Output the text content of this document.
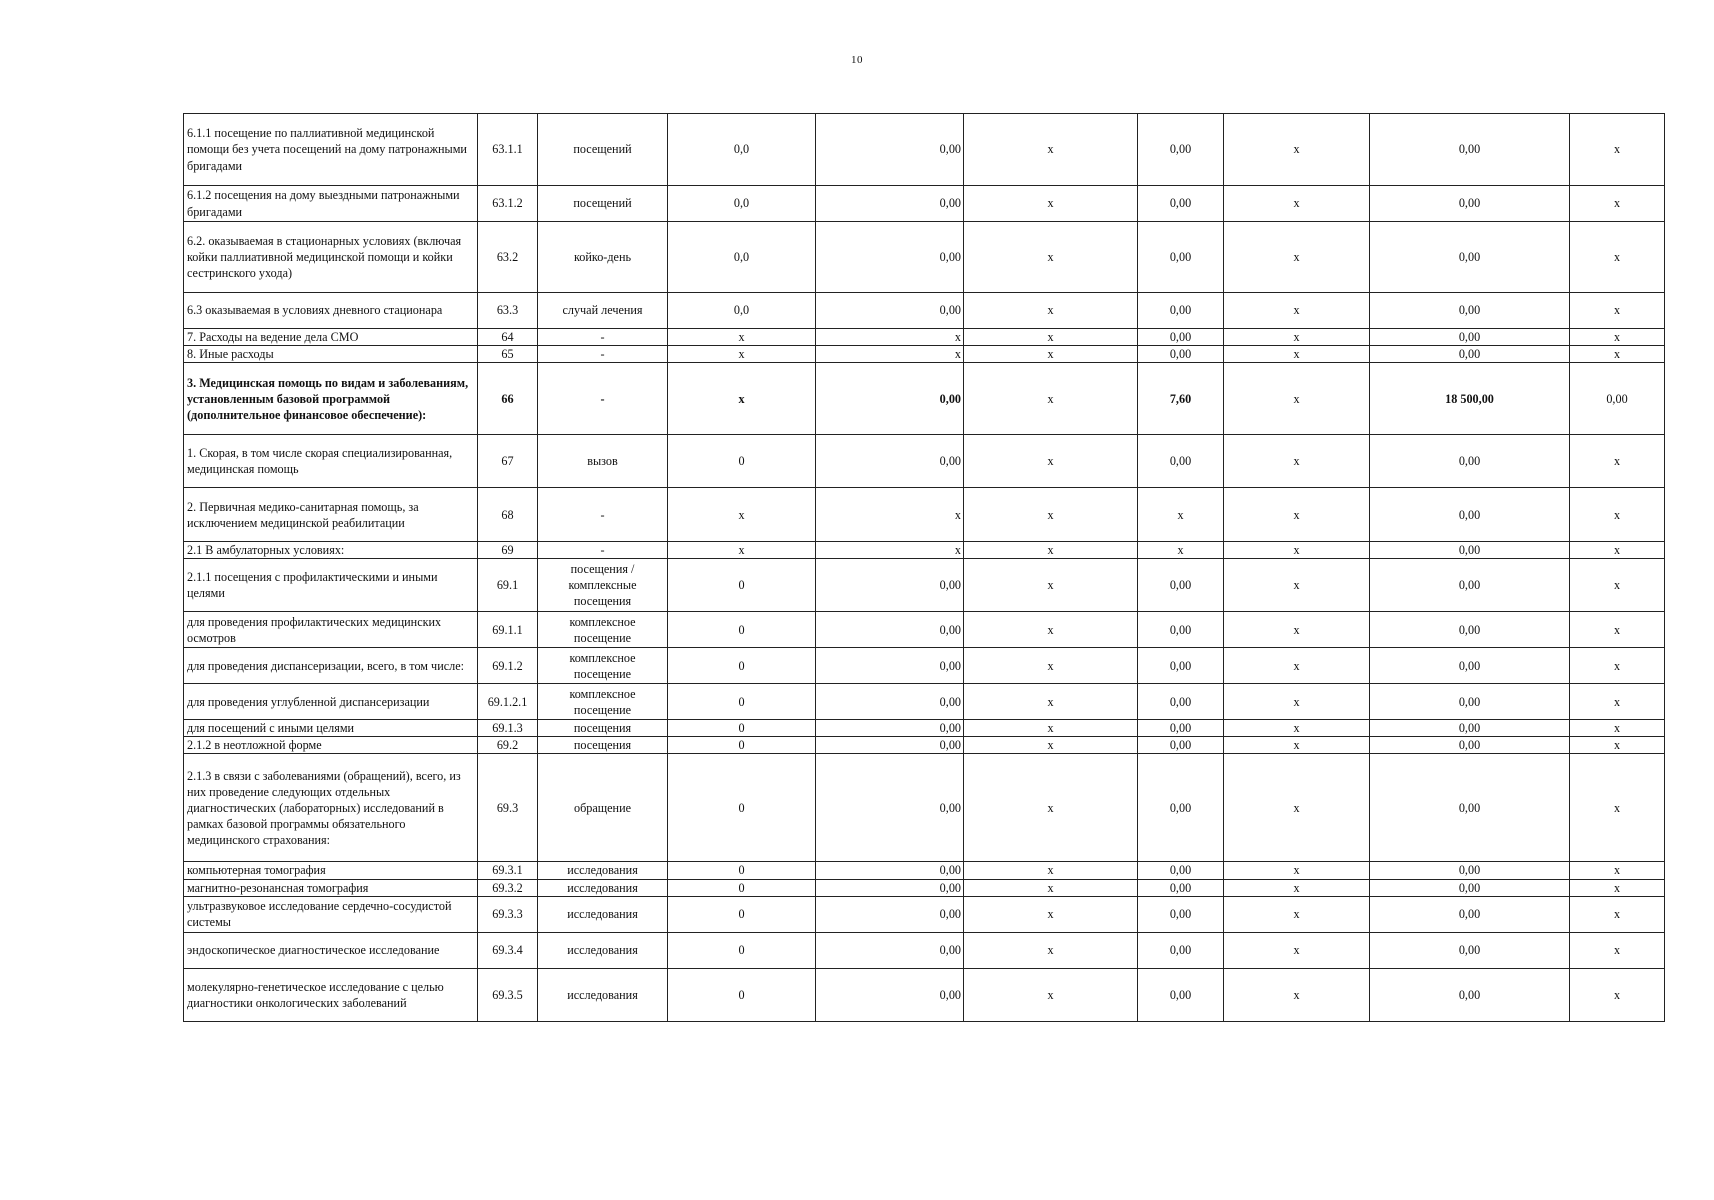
10
6.1.1 посещение по паллиативной медицинской помощи без учета посещений на дому патронажными бригадами	63.1.1	посещений	0,0	0,00	x	0,00	x	0,00	x
6.1.2 посещения на дому выездными патронажными бригадами	63.1.2	посещений	0,0	0,00	x	0,00	x	0,00	x
6.2. оказываемая в стационарных условиях (включая койки паллиативной медицинской помощи и койки сестринского ухода)	63.2	койко-день	0,0	0,00	x	0,00	x	0,00	x
6.3 оказываемая в условиях дневного стационара	63.3	случай лечения	0,0	0,00	x	0,00	x	0,00	x
7. Расходы на ведение дела СМО	64	-	x	x	x	0,00	x	0,00	x
8. Иные расходы	65	-	x	x	x	0,00	x	0,00	x
3. Медицинская помощь по видам и заболеваниям, установленным базовой программой (дополнительное финансовое обеспечение):	66	-	x	0,00	x	7,60	x	18 500,00	0,00
1. Скорая, в том числе скорая специализированная, медицинская помощь	67	вызов	0	0,00	x	0,00	x	0,00	x
2. Первичная медико-санитарная помощь, за исключением медицинской реабилитации	68	-	x	x	x	x	x	0,00	x
2.1 В амбулаторных условиях:	69	-	x	x	x	x	x	0,00	x
2.1.1 посещения с профилактическими и иными целями	69.1	посещения / комплексные посещения	0	0,00	x	0,00	x	0,00	x
для проведения профилактических медицинских осмотров	69.1.1	комплексное посещение	0	0,00	x	0,00	x	0,00	x
для проведения диспансеризации, всего, в том числе:	69.1.2	комплексное посещение	0	0,00	x	0,00	x	0,00	x
для проведения углубленной диспансеризации	69.1.2.1	комплексное посещение	0	0,00	x	0,00	x	0,00	x
для посещений с иными целями	69.1.3	посещения	0	0,00	x	0,00	x	0,00	x
2.1.2 в неотложной форме	69.2	посещения	0	0,00	x	0,00	x	0,00	x
2.1.3 в связи с заболеваниями (обращений), всего, из них проведение следующих отдельных диагностических (лабораторных) исследований в рамках базовой программы обязательного медицинского страхования:	69.3	обращение	0	0,00	x	0,00	x	0,00	x
компьютерная томография	69.3.1	исследования	0	0,00	x	0,00	x	0,00	x
магнитно-резонансная томография	69.3.2	исследования	0	0,00	x	0,00	x	0,00	x
ультразвуковое исследование сердечно-сосудистой системы	69.3.3	исследования	0	0,00	x	0,00	x	0,00	x
эндоскопическое диагностическое исследование	69.3.4	исследования	0	0,00	x	0,00	x	0,00	x
молекулярно-генетическое исследование с целью диагностики онкологических заболеваний	69.3.5	исследования	0	0,00	x	0,00	x	0,00	x
